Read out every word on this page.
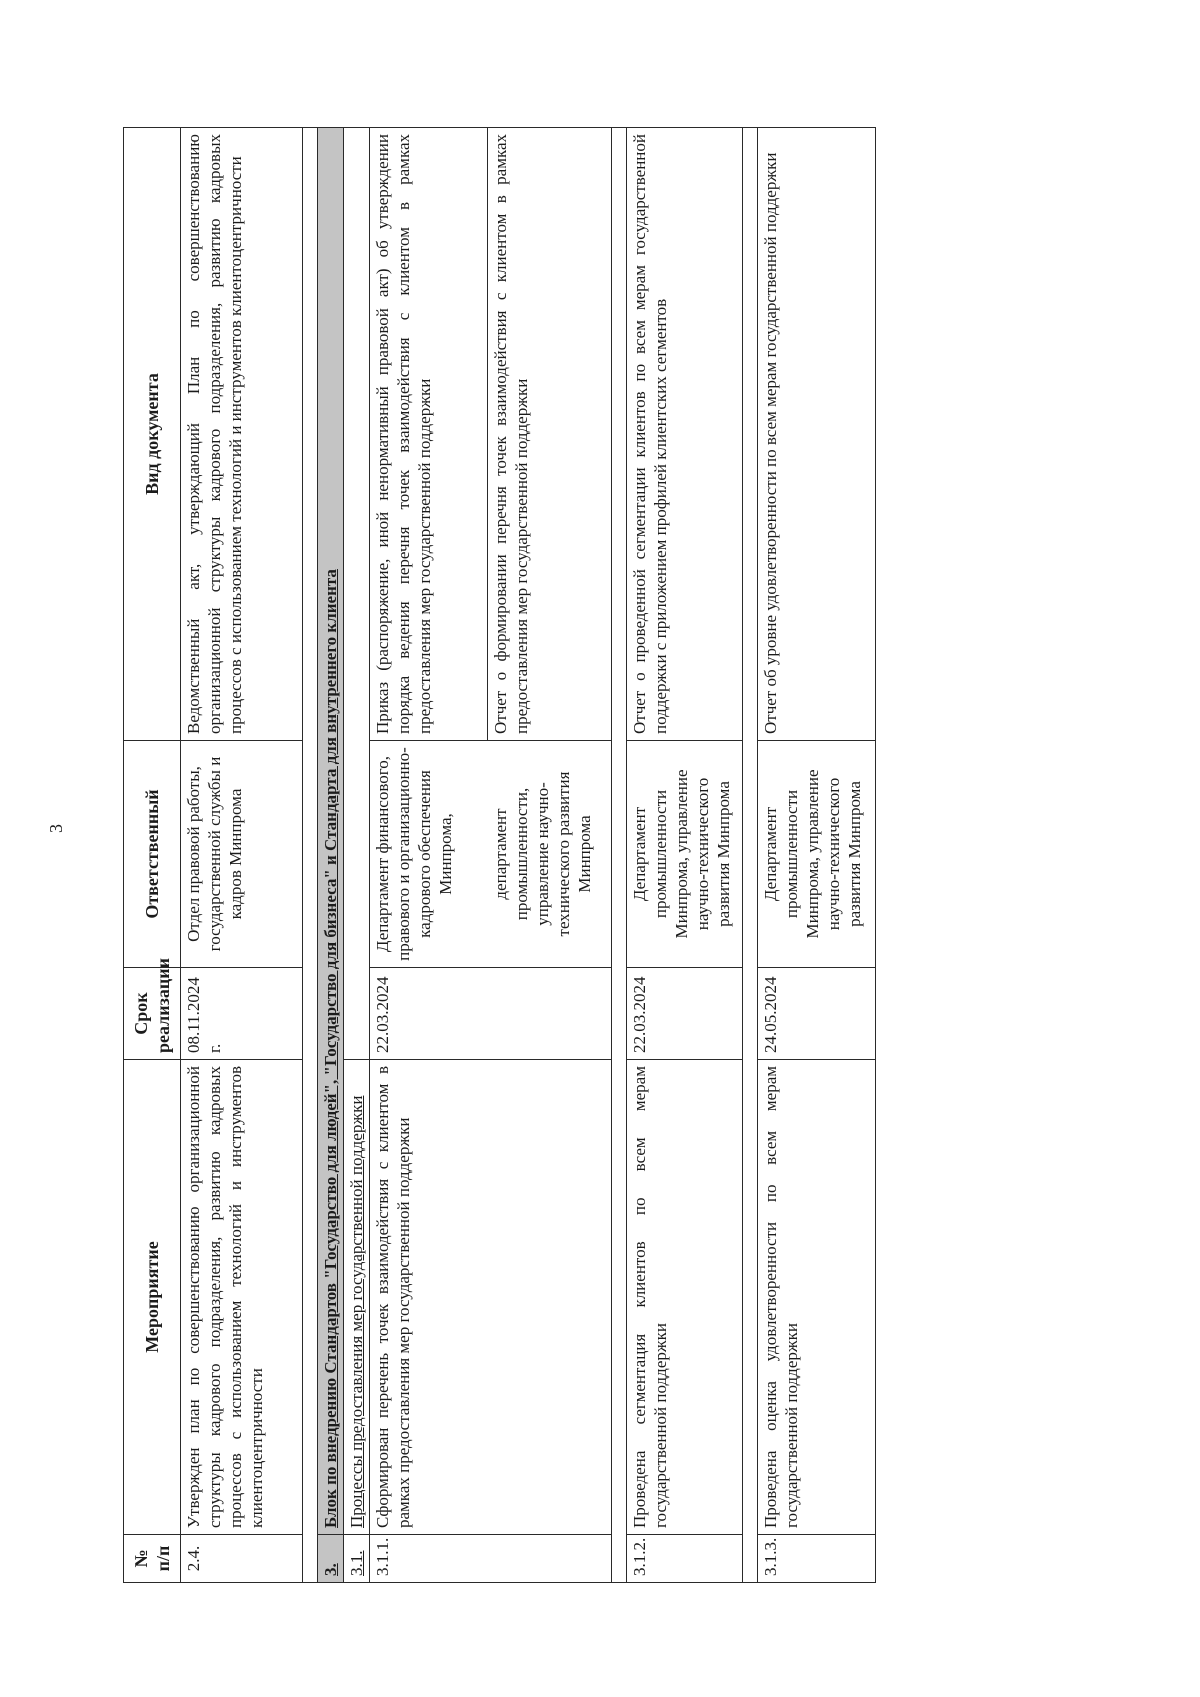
3
№ п/п	Мероприятие	Срок реализации	Ответственный	Вид документа
2.4.	Утвержден план по совершенствованию организационной структуры кадрового подразделения, развитию кадровых процессов с использованием технологий и инструментов клиентоцентричности	08.11.2024 г.	Отдел правовой работы, государственной службы и кадров Минпрома	Ведомственный акт, утверждающий План по совершенствованию организационной структуры кадрового подразделения, развитию кадровых процессов с использованием технологий и инструментов клиентоцентричности

3.	Блок по внедрению Стандартов "Государство для людей", "Государство для бизнеса" и Стандарта для внутреннего клиента			
3.1.	Процессы предоставления мер государственной поддержки			
3.1.1.	Сформирован перечень точек взаимодействия с клиентом в рамках предоставления мер государственной поддержки	22.03.2024	Департамент финансового, правового и организационно-кадрового обеспечения Минпрома,	Приказ (распоряжение, иной ненормативный правовой акт) об утверждении порядка ведения перечня точек взаимодействия с клиентом в рамках предоставления мер государственной поддержки
			департамент промышленности, управление научно-технического развития Минпрома	Отчет о формировании перечня точек взаимодействия с клиентом в рамках предоставления мер государственной поддержки

3.1.2.	Проведена сегментация клиентов по всем мерам государственной поддержки	22.03.2024	Департамент промышленности Минпрома, управление научно-технического развития Минпрома	Отчет о проведенной сегментации клиентов по всем мерам государственной поддержки с приложением профилей клиентских сегментов

3.1.3.	Проведена оценка удовлетворенности по всем мерам государственной поддержки	24.05.2024	Департамент промышленности Минпрома, управление научно-технического развития Минпрома	Отчет об уровне удовлетворенности по всем мерам государственной поддержки
